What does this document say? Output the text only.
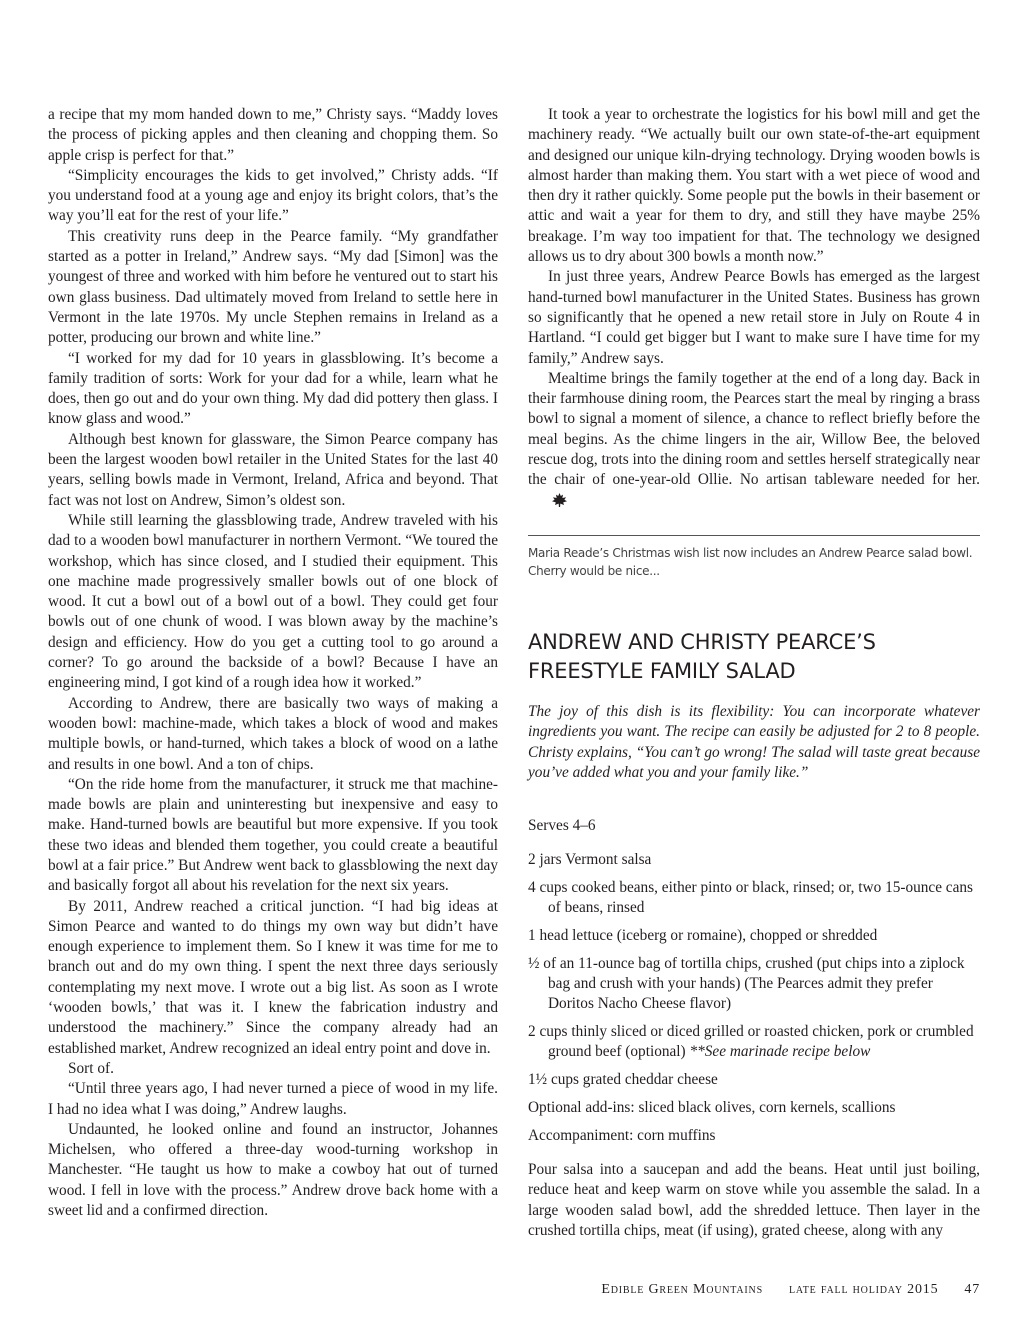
a recipe that my mom handed down to me,” Christy says. “Maddy loves the process of picking apples and then cleaning and chopping them. So apple crisp is perfect for that.”

“Simplicity encourages the kids to get involved,” Christy adds. “If you understand food at a young age and enjoy its bright colors, that’s the way you’ll eat for the rest of your life.”

This creativity runs deep in the Pearce family. “My grandfather started as a potter in Ireland,” Andrew says. “My dad [Simon] was the youngest of three and worked with him before he ventured out to start his own glass business. Dad ultimately moved from Ireland to settle here in Vermont in the late 1970s. My uncle Stephen remains in Ireland as a potter, producing our brown and white line.”

“I worked for my dad for 10 years in glassblowing. It’s become a family tradition of sorts: Work for your dad for a while, learn what he does, then go out and do your own thing. My dad did pottery then glass. I know glass and wood.”

Although best known for glassware, the Simon Pearce company has been the largest wooden bowl retailer in the United States for the last 40 years, selling bowls made in Vermont, Ireland, Africa and beyond. That fact was not lost on Andrew, Simon’s oldest son.

While still learning the glassblowing trade, Andrew traveled with his dad to a wooden bowl manufacturer in northern Vermont. “We toured the workshop, which has since closed, and I studied their equipment. This one machine made progressively smaller bowls out of one block of wood. It cut a bowl out of a bowl out of a bowl. They could get four bowls out of one chunk of wood. I was blown away by the machine’s design and efficiency. How do you get a cutting tool to go around a corner? To go around the backside of a bowl? Because I have an engineering mind, I got kind of a rough idea how it worked.”

According to Andrew, there are basically two ways of making a wooden bowl: machine-made, which takes a block of wood and makes multiple bowls, or hand-turned, which takes a block of wood on a lathe and results in one bowl. And a ton of chips.

“On the ride home from the manufacturer, it struck me that machine-made bowls are plain and uninteresting but inexpensive and easy to make. Hand-turned bowls are beautiful but more expensive. If you took these two ideas and blended them together, you could create a beautiful bowl at a fair price.” But Andrew went back to glassblowing the next day and basically forgot all about his revelation for the next six years.

By 2011, Andrew reached a critical junction. “I had big ideas at Simon Pearce and wanted to do things my own way but didn’t have enough experience to implement them. So I knew it was time for me to branch out and do my own thing. I spent the next three days seriously contemplating my next move. I wrote out a big list. As soon as I wrote ‘wooden bowls,’ that was it. I knew the fabrication industry and understood the machinery.” Since the company already had an established market, Andrew recognized an ideal entry point and dove in.

Sort of.

“Until three years ago, I had never turned a piece of wood in my life. I had no idea what I was doing,” Andrew laughs.

Undaunted, he looked online and found an instructor, Johannes Michelsen, who offered a three-day wood-turning workshop in Manchester. “He taught us how to make a cowboy hat out of turned wood. I fell in love with the process.” Andrew drove back home with a sweet lid and a confirmed direction.

It took a year to orchestrate the logistics for his bowl mill and get the machinery ready. “We actually built our own state-of-the-art equipment and designed our unique kiln-drying technology. Drying wooden bowls is almost harder than making them. You start with a wet piece of wood and then dry it rather quickly. Some people put the bowls in their basement or attic and wait a year for them to dry, and still they have maybe 25% breakage. I’m way too impatient for that. The technology we designed allows us to dry about 300 bowls a month now.”

In just three years, Andrew Pearce Bowls has emerged as the largest hand-turned bowl manufacturer in the United States. Business has grown so significantly that he opened a new retail store in July on Route 4 in Hartland. “I could get bigger but I want to make sure I have time for my family,” Andrew says.

Mealtime brings the family together at the end of a long day. Back in their farmhouse dining room, the Pearces start the meal by ringing a brass bowl to signal a moment of silence, a chance to reflect briefly before the meal begins. As the chime lingers in the air, Willow Bee, the beloved rescue dog, trots into the dining room and settles herself strategically near the chair of one-year-old Ollie. No artisan tableware needed for her.

Maria Reade’s Christmas wish list now includes an Andrew Pearce salad bowl. Cherry would be nice...

ANDREW AND CHRISTY PEARCE’S
FREESTYLE FAMILY SALAD

The joy of this dish is its flexibility: You can incorporate whatever ingredients you want. The recipe can easily be adjusted for 2 to 8 people. Christy explains, “You can’t go wrong! The salad will taste great because you’ve added what you and your family like.”

Serves 4–6

2 jars Vermont salsa
4 cups cooked beans, either pinto or black, rinsed; or, two 15-ounce cans of beans, rinsed
1 head lettuce (iceberg or romaine), chopped or shredded
½ of an 11-ounce bag of tortilla chips, crushed (put chips into a ziplock bag and crush with your hands) (The Pearces admit they prefer Doritos Nacho Cheese flavor)
2 cups thinly sliced or diced grilled or roasted chicken, pork or crumbled ground beef (optional) **See marinade recipe below
1½ cups grated cheddar cheese
Optional add-ins: sliced black olives, corn kernels, scallions
Accompaniment: corn muffins

Pour salsa into a saucepan and add the beans. Heat until just boiling, reduce heat and keep warm on stove while you assemble the salad. In a large wooden salad bowl, add the shredded lettuce. Then layer in the crushed tortilla chips, meat (if using), grated cheese, along with any

Edible Green Mountains late fall holiday 2015 47
